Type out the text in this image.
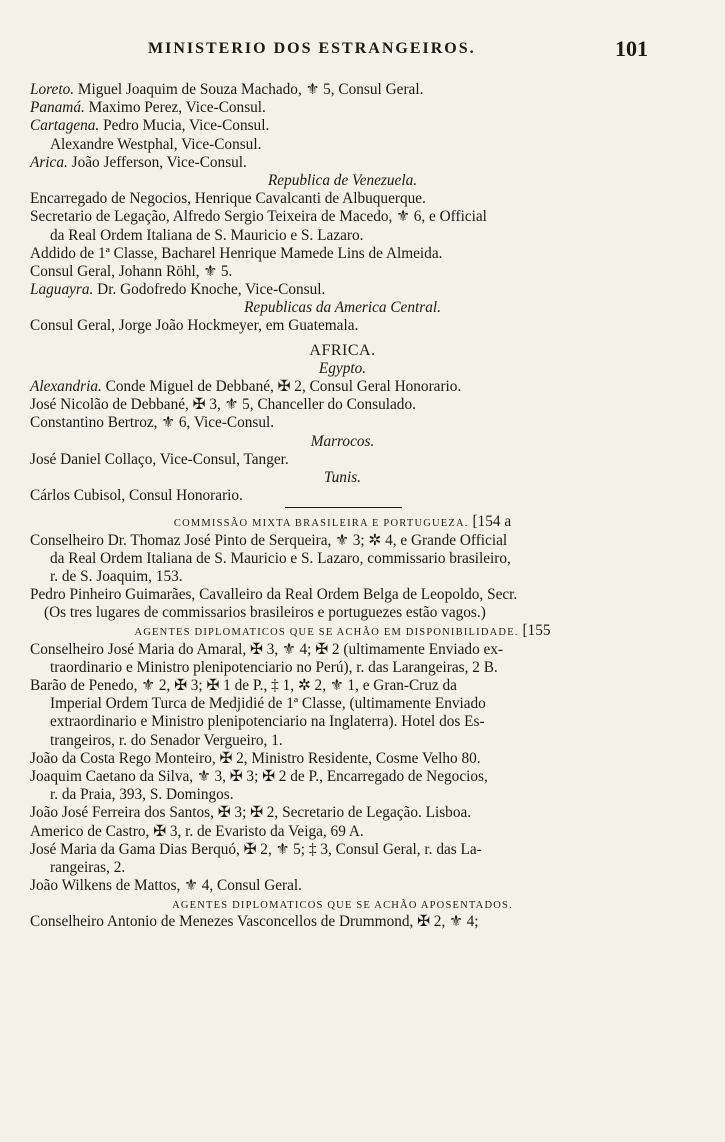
MINISTERIO DOS ESTRANGEIROS.	101
Loreto. Miguel Joaquim de Souza Machado, ⚜ 5, Consul Geral.
Panamá. Maximo Perez, Vice-Consul.
Cartagena. Pedro Mucia, Vice-Consul.
Alexandre Westphal, Vice-Consul.
Arica. João Jefferson, Vice-Consul.
Republica de Venezuela.
Encarregado de Negocios, Henrique Cavalcanti de Albuquerque.
Secretario de Legação, Alfredo Sergio Teixeira de Macedo, ⚜ 6, e Official
da Real Ordem Italiana de S. Mauricio e S. Lazaro.
Addido de 1ª Classe, Bacharel Henrique Mamede Lins de Almeida.
Consul Geral, Johann Röhl, ⚜ 5.
Laguayra. Dr. Godofredo Knoche, Vice-Consul.
Republicas da America Central.
Consul Geral, Jorge João Hockmeyer, em Guatemala.
AFRICA.
Egypto.
Alexandria. Conde Miguel de Debbané, ✠ 2, Consul Geral Honorario.
José Nicolão de Debbané, ✠ 3, ⚜ 5, Chanceller do Consulado.
Constantino Bertroz, ⚜ 6, Vice-Consul.
Marrocos.
José Daniel Collaço, Vice-Consul, Tanger.
Tunis.
Cárlos Cubisol, Consul Honorario.
COMMISSÃO MIXTA BRASILEIRA E PORTUGUEZA. [154 a
Conselheiro Dr. Thomaz José Pinto de Serqueira, ⚜ 3; ✲ 4, e Grande Official
da Real Ordem Italiana de S. Mauricio e S. Lazaro, commissario brasileiro,
r. de S. Joaquim, 153.
Pedro Pinheiro Guimarães, Cavalleiro da Real Ordem Belga de Leopoldo, Secr.
(Os tres lugares de commissarios brasileiros e portuguezes estão vagos.)
AGENTES DIPLOMATICOS QUE SE ACHÃO EM DISPONIBILIDADE. [155
Conselheiro José Maria do Amaral, ✠ 3, ⚜ 4; ✠ 2 (ultimamente Enviado ex-
traordinario e Ministro plenipotenciario no Perú), r. das Larangeiras, 2 B.
Barão de Penedo, ⚜ 2, ✠ 3; ✠ 1 de P., ‡ 1, ✲ 2, ⚜ 1, e Gran-Cruz da
Imperial Ordem Turca de Medjidié de 1ª Classe, (ultimamente Enviado
extraordinario e Ministro plenipotenciario na Inglaterra). Hotel dos Es-
trangeiros, r. do Senador Vergueiro, 1.
João da Costa Rego Monteiro, ✠ 2, Ministro Residente, Cosme Velho 80.
Joaquim Caetano da Silva, ⚜ 3, ✠ 3; ✠ 2 de P., Encarregado de Negocios,
r. da Praia, 393, S. Domingos.
João José Ferreira dos Santos, ✠ 3; ✠ 2, Secretario de Legação. Lisboa.
Americo de Castro, ✠ 3, r. de Evaristo da Veiga, 69 A.
José Maria da Gama Dias Berquó, ✠ 2, ⚜ 5; ‡ 3, Consul Geral, r. das La-
rangeiras, 2.
João Wilkens de Mattos, ⚜ 4, Consul Geral.
AGENTES DIPLOMATICOS QUE SE ACHÃO APOSENTADOS.
Conselheiro Antonio de Menezes Vasconcellos de Drummond, ✠ 2, ⚜ 4;
